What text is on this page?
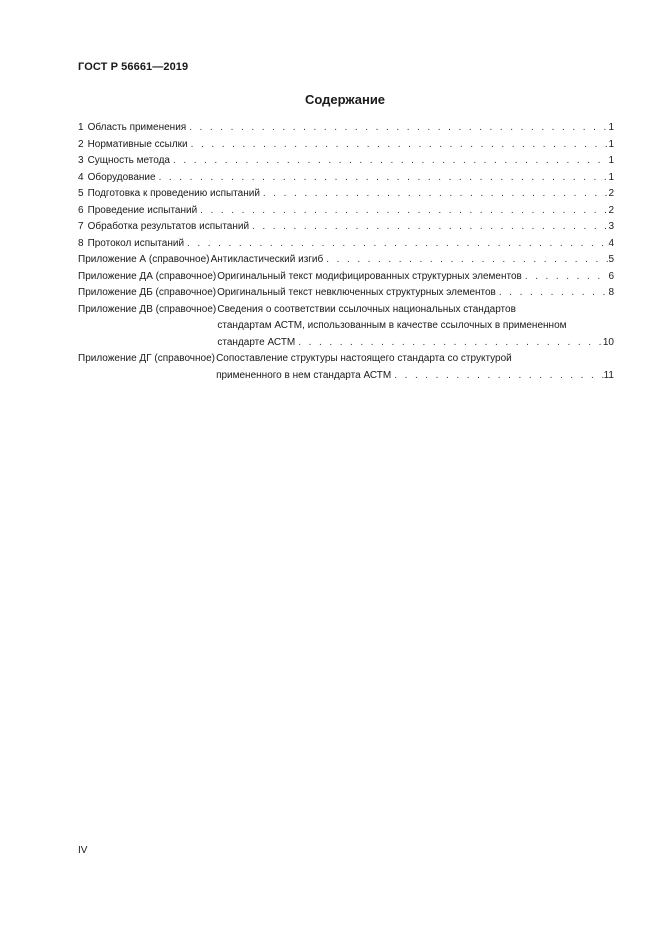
ГОСТ Р 56661—2019
Содержание
1 Область применения . . .	1
2 Нормативные ссылки . . .	1
3 Сущность метода . . .	1
4 Оборудование . . .	1
5 Подготовка к проведению испытаний . . .	2
6 Проведение испытаний . . .	2
7 Обработка результатов испытаний . . .	3
8 Протокол испытаний . . .	4
Приложение А (справочное) Антикластический изгиб . . .	5
Приложение ДА (справочное) Оригинальный текст модифицированных структурных элементов . . .	6
Приложение ДБ (справочное) Оригинальный текст невключенных структурных элементов . . .	8
Приложение ДВ (справочное) Сведения о соответствии ссылочных национальных стандартов
стандартам АСТМ, использованным в качестве ссылочных в примененном
стандарте АСТМ . . .	10
Приложение ДГ (справочное) Сопоставление структуры настоящего стандарта со структурой
примененного в нем стандарта АСТМ . . .	11
IV
